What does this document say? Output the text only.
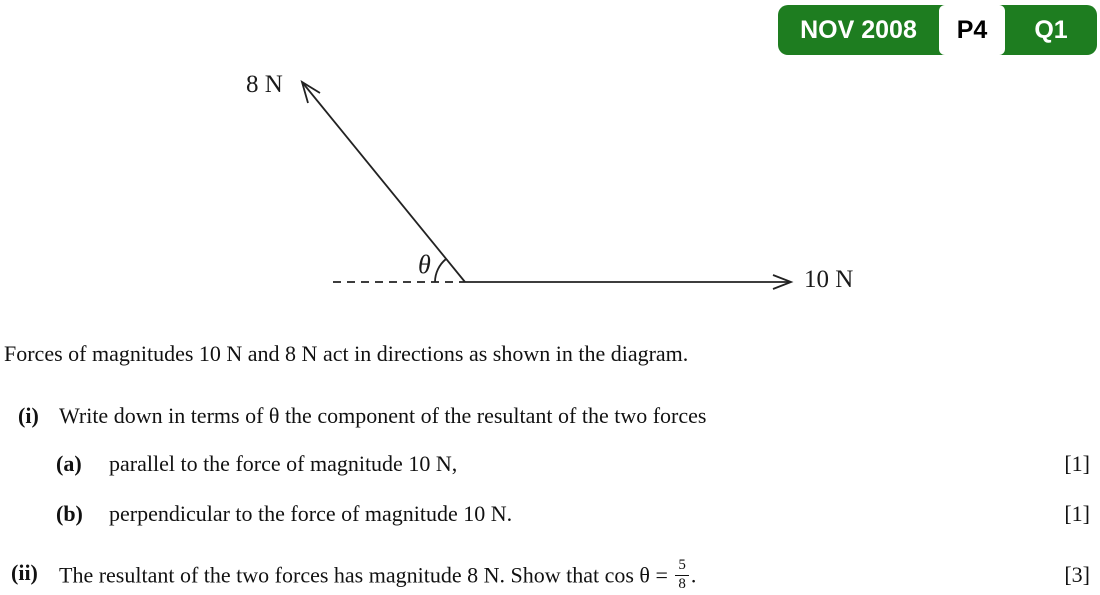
NOV 2008	P4	Q1
8 N
10 N
θ
Forces of magnitudes 10 N and 8 N act in directions as shown in the diagram.
(i) Write down in terms of θ the component of the resultant of the two forces
(a) parallel to the force of magnitude 10 N,	[1]
(b) perpendicular to the force of magnitude 10 N.	[1]
(ii) The resultant of the two forces has magnitude 8 N. Show that $\cos \theta = \frac{5}{8}$ .	[3]
